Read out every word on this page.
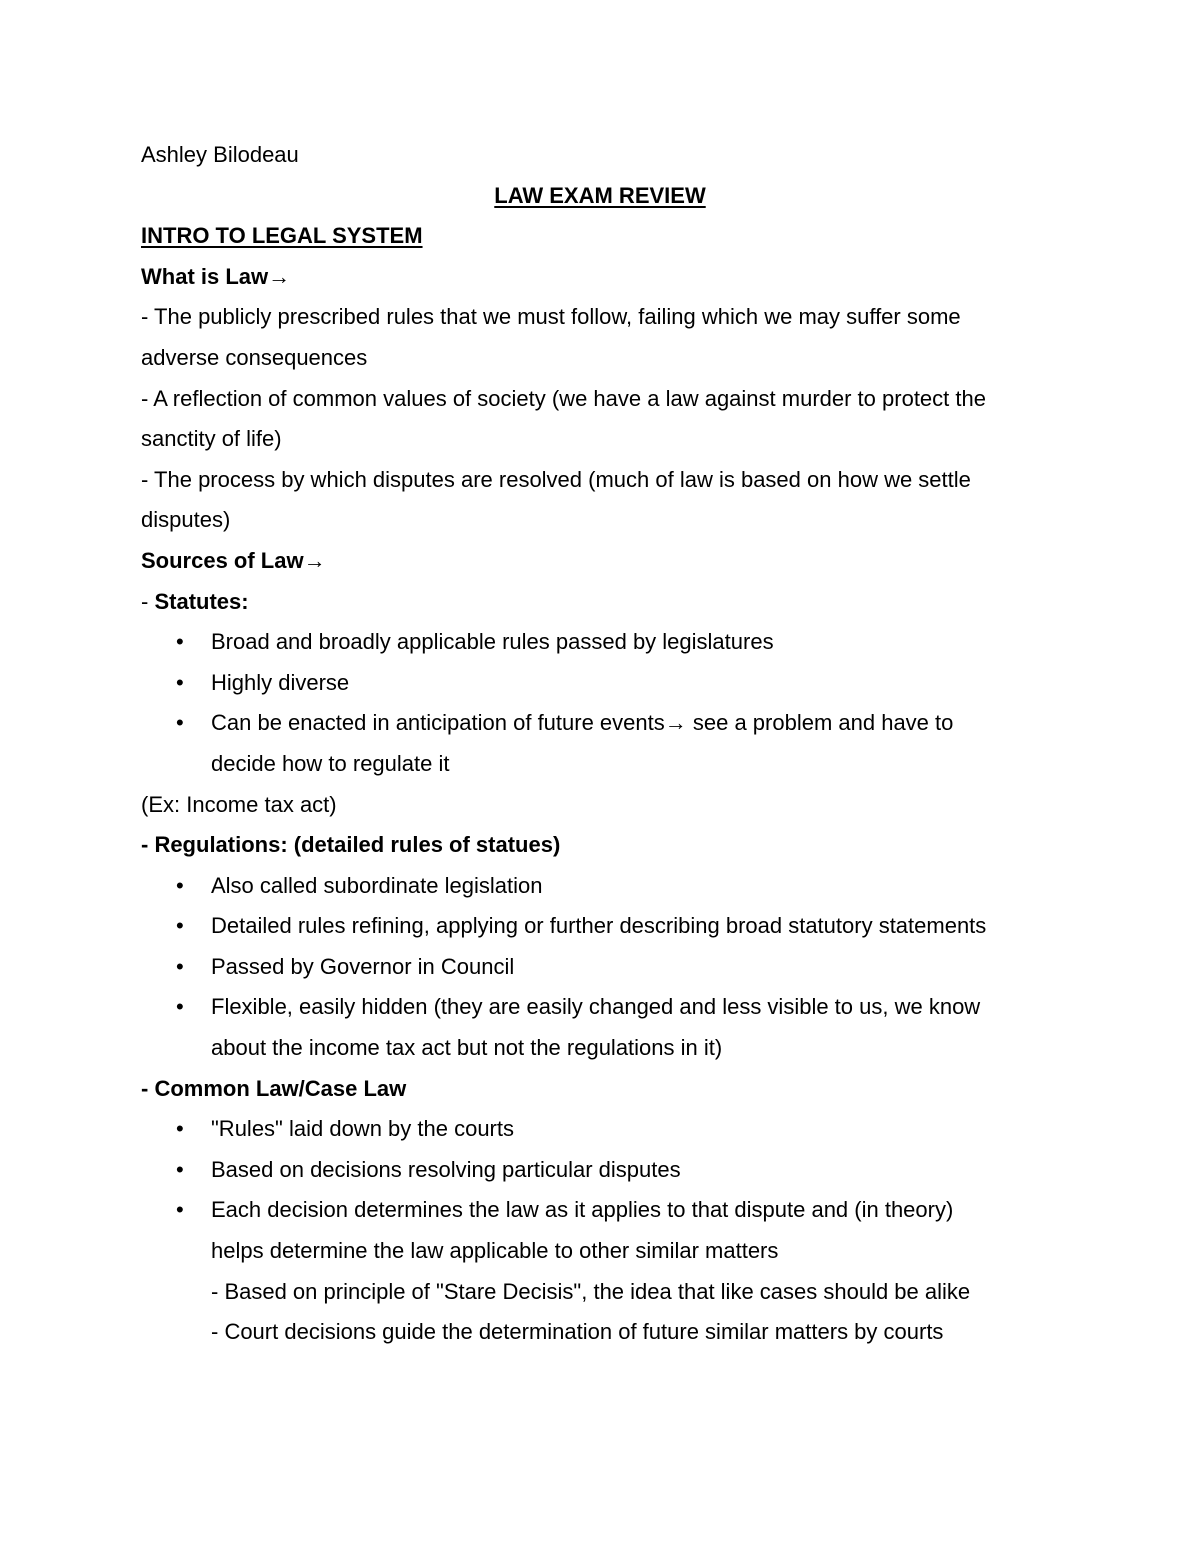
Ashley Bilodeau
LAW EXAM REVIEW
INTRO TO LEGAL SYSTEM
What is Law→
- The publicly prescribed rules that we must follow, failing which we may suffer some
adverse consequences
- A reflection of common values of society (we have a law against murder to protect the
sanctity of life)
- The process by which disputes are resolved (much of law is based on how we settle
disputes)
Sources of Law→
- Statutes:
•	Broad and broadly applicable rules passed by legislatures
•	Highly diverse
•	Can be enacted in anticipation of future events→ see a problem and have to
decide how to regulate it
(Ex: Income tax act)
- Regulations: (detailed rules of statues)
•	Also called subordinate legislation
•	Detailed rules refining, applying or further describing broad statutory statements
•	Passed by Governor in Council
•	Flexible, easily hidden (they are easily changed and less visible to us, we know
about the income tax act but not the regulations in it)
- Common Law/Case Law
•	"Rules" laid down by the courts
•	Based on decisions resolving particular disputes
•	Each decision determines the law as it applies to that dispute and (in theory)
helps determine the law applicable to other similar matters
- Based on principle of "Stare Decisis", the idea that like cases should be alike
- Court decisions guide the determination of future similar matters by courts
